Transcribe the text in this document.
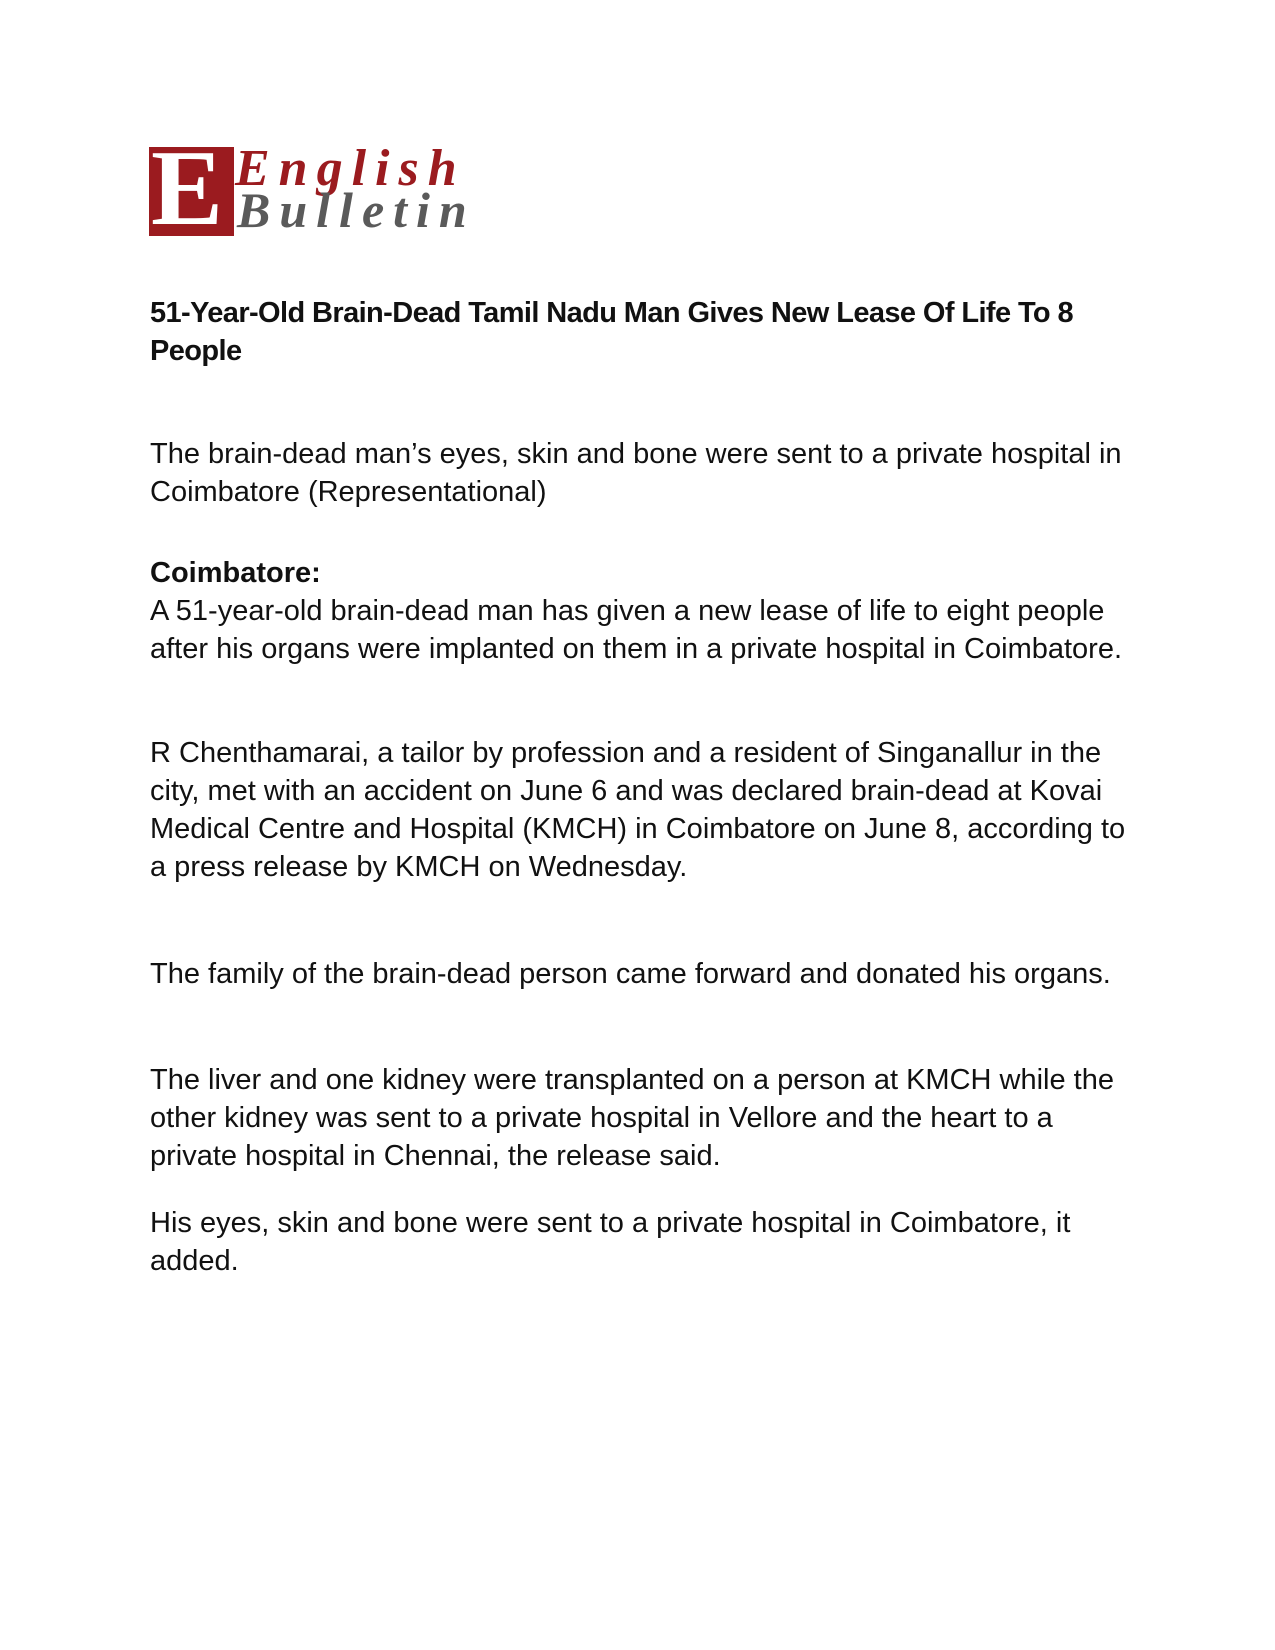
E English
Bulletin
51-Year-Old Brain-Dead Tamil Nadu Man Gives New Lease Of Life To 8 People

The brain-dead man’s eyes, skin and bone were sent to a private hospital in Coimbatore (Representational)

Coimbatore:

A 51-year-old brain-dead man has given a new lease of life to eight people after his organs were implanted on them in a private hospital in Coimbatore.

R Chenthamarai, a tailor by profession and a resident of Singanallur in the city, met with an accident on June 6 and was declared brain-dead at Kovai Medical Centre and Hospital (KMCH) in Coimbatore on June 8, according to a press release by KMCH on Wednesday.

The family of the brain-dead person came forward and donated his organs.

The liver and one kidney were transplanted on a person at KMCH while the other kidney was sent to a private hospital in Vellore and the heart to a private hospital in Chennai, the release said.

His eyes, skin and bone were sent to a private hospital in Coimbatore, it added.
